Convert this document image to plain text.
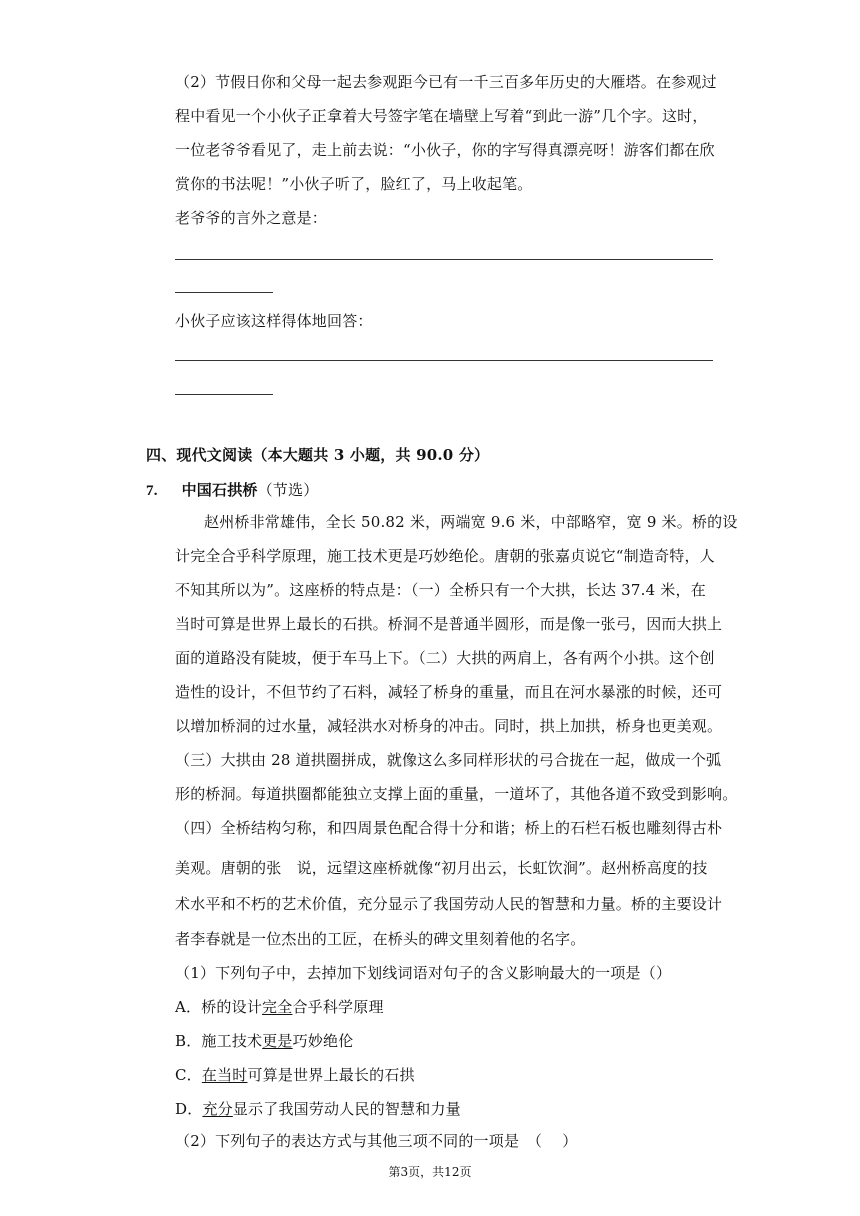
（2）节假日你和父母一起去参观距今已有一千三百多年历史的大雁塔。在参观过
程中看见一个小伙子正拿着大号签字笔在墙壁上写着“到此一游”几个字。这时，
一位老爷爷看见了，走上前去说：“小伙子，你的字写得真漂亮呀！游客们都在欣
赏你的书法呢！”小伙子听了，脸红了，马上收起笔。
老爷爷的言外之意是：
小伙子应该这样得体地回答：
四、现代文阅读（本大题共 3 小题，共 90.0 分）
7. 中国石拱桥（节选）
赵州桥非常雄伟，全长 50.82 米，两端宽 9.6 米，中部略窄，宽 9 米。桥的设
计完全合乎科学原理，施工技术更是巧妙绝伦。唐朝的张嘉贞说它“制造奇特，人
不知其所以为”。这座桥的特点是：（一）全桥只有一个大拱，长达 37.4 米，在
当时可算是世界上最长的石拱。桥洞不是普通半圆形，而是像一张弓，因而大拱上
面的道路没有陡坡，便于车马上下。（二）大拱的两肩上，各有两个小拱。这个创
造性的设计，不但节约了石料，减轻了桥身的重量，而且在河水暴涨的时候，还可
以增加桥洞的过水量，减轻洪水对桥身的冲击。同时，拱上加拱，桥身也更美观。
（三）大拱由 28 道拱圈拼成，就像这么多同样形状的弓合拢在一起，做成一个弧
形的桥洞。每道拱圈都能独立支撑上面的重量，一道坏了，其他各道不致受到影响。
（四）全桥结构匀称，和四周景色配合得十分和谐；桥上的石栏石板也雕刻得古朴
美观。唐朝的张　说，远望这座桥就像“初月出云，长虹饮涧”。赵州桥高度的技
术水平和不朽的艺术价值，充分显示了我国劳动人民的智慧和力量。桥的主要设计
者李春就是一位杰出的工匠，在桥头的碑文里刻着他的名字。
（1）下列句子中，去掉加下划线词语对句子的含义影响最大的一项是（）
A．桥的设计完全合乎科学原理
B．施工技术更是巧妙绝伦
C．在当时可算是世界上最长的石拱
D．充分显示了我国劳动人民的智慧和力量
（2）下列句子的表达方式与其他三项不同的一项是　（　 ）
第3页，共12页
